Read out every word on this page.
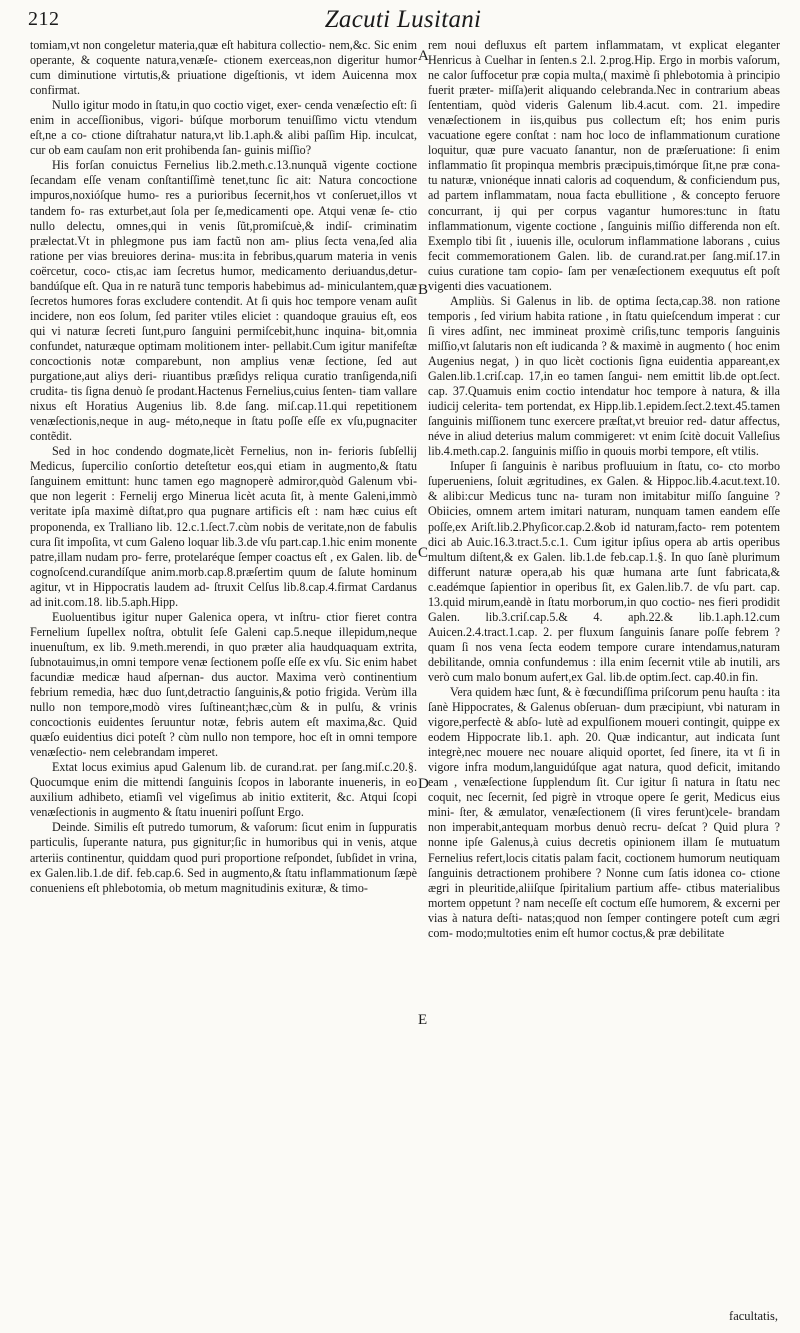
212	Zacuti Lusitani

tomiam,vt non congeletur materia,quæ eſt habitura collectio- nem,&c. Sic enim operante, & coquente natura,venæſe- ctionem exerceas,non digeritur humor cum diminutione virtutis,& priuatione digeſtionis, vt idem Auicenna mox confirmat.

Nullo igitur modo in ſtatu,in quo coctio viget, exer- cenda venæſectio eſt: ſi enim in acceſſionibus, vigori- búſque morborum tenuiſſimo victu vtendum eſt,ne a co- ctione diſtrahatur natura,vt lib.1.aph.& alibi paſſim Hip. inculcat, cur ob eam cauſam non erit prohibenda ſan- guinis miſſio?

His forſan conuictus Fernelius lib.2.meth.c.13.nunquã vigente coctione ſecandam eſſe venam conſtantiſſimè tenet,tunc ſic ait: Natura concoctione impuros,noxióſque humo- res a purioribus ſecernit,hos vt conſeruet,illos vt tandem fo- ras exturbet,aut ſola per ſe,medicamenti ope. Atqui venæ ſe- ctio nullo delectu, omnes,qui in venis ſũt,promiſcuè,& indiſ- criminatim prælectat.Vt in phlegmone pus iam factũ non am- plius ſecta vena,ſed alia ratione per vias breuiores derina- mus:ita in febribus,quarum materia in venis coërcetur, coco- ctis,ac iam ſecretus humor, medicamento deriuandus,detur- bandúſque eſt. Qua in re naturã tunc temporis habebimus ad- miniculantem,quæ ſecretos humores foras excludere contendit. At ſi quis hoc tempore venam auſit incidere, non eos ſolum, ſed pariter vtiles eliciet : quandoque grauius eſt, eos qui vi naturæ ſecreti ſunt,puro ſanguini permiſcebit,hunc inquina- bit,omnia confundet, naturæque optimam molitionem inter- pellabit.Cum igitur manifeſtæ concoctionis notæ comparebunt, non amplius venæ ſectione, ſed aut purgatione,aut aliys deri- riuantibus præſidys reliqua curatio tranſigenda,niſi crudita- tis ſigna denuò ſe prodant.Hactenus Fernelius,cuius ſenten- tiam vallare nixus eſt Horatius Augenius lib. 8.de ſang. miſ.cap.11.qui repetitionem venæſectionis,neque in aug- méto,neque in ſtatu poſſe eſſe ex vſu,pugnaciter contẽdit.

Sed in hoc condendo dogmate,licèt Fernelius, non in- ferioris ſubſellij Medicus, ſupercilio conſortio deteſtetur eos,qui etiam in augmento,& ſtatu ſanguinem emittunt: hunc tamen ego magnoperè admiror,quòd Galenum vbi- que non legerit : Fernelij ergo Minerua licèt acuta ſit, à mente Galeni,immò veritate ipſa maximè diſtat,pro qua pugnare artificis eſt : nam hæc cuius eſt proponenda, ex Tralliano lib. 12.c.1.ſect.7.cùm nobis de veritate,non de fabulis cura ſit impoſita, vt cum Galeno loquar lib.3.de vſu part.cap.1.hic enim monente patre,illam nudam pro- ferre, protelaréque ſemper coactus eſt , ex Galen. lib. de cognoſcend.curandíſque anim.morb.cap.8.præſertim quum de ſalute hominum agitur, vt in Hippocratis laudem ad- ſtruxit Celſus lib.8.cap.4.firmat Cardanus ad init.com.18. lib.5.aph.Hipp.

Euoluentibus igitur nuper Galenica opera, vt inſtru- ctior fieret contra Fernelium ſupellex noſtra, obtulit ſeſe Galeni cap.5.neque illepidum,neque inuenuſtum, ex lib. 9.meth.merendi, in quo præter alia haudquaquam extrita, ſubnotauimus,in omni tempore venæ ſectionem poſſe eſſe ex vſu. Sic enim habet facundiæ medicæ haud aſpernan- dus auctor. Maxima verò continentium febrium remedia, hæc duo ſunt,detractio ſanguinis,& potio frigida. Verùm illa nullo non tempore,modò vires ſuſtineant;hæc,cùm & in pulſu, & vrinis concoctionis euidentes ſeruuntur notæ, febris autem eſt maxima,&c. Quid quæſo euidentius dici poteſt ? cùm nullo non tempore, hoc eſt in omni tempore venæſectio- nem celebrandam imperet.

Extat locus eximius apud Galenum lib. de curand.rat. per ſang.miſ.c.20.§. Quocumque enim die mittendi ſanguinis ſcopos in laborante inueneris, in eo auxilium adhibeto, etiamſi vel vigeſimus ab initio extiterit, &c. Atqui ſcopi venæſectionis in augmento & ſtatu inueniri poſſunt Ergo.

Deinde. Similis eſt putredo tumorum, & vaſorum: ſicut enim in ſuppuratis particulis, ſuperante natura, pus gignitur;ſic in humoribus qui in venis, atque arteriis continentur, quiddam quod puri proportione reſpondet, ſubſidet in vrina, ex Galen.lib.1.de dif. feb.cap.6. Sed in augmento,& ſtatu inflammationum ſæpè conueniens eſt phlebotomia, ob metum magnitudinis exituræ, & timo-

A
B
C
D
E

rem noui defluxus eſt partem inflammatam, vt explicat eleganter Henricus à Cuelhar in ſenten.s 2.l. 2.prog.Hip. Ergo in morbis vaſorum, ne calor ſuffocetur præ copia multa,( maximè ſi phlebotomia à principio fuerit præter- miſſa)erit aliquando celebranda.Nec in contrarium abeas ſententiam, quòd videris Galenum lib.4.acut. com. 21. impedire venæſectionem in iis,quibus pus collectum eſt; hos enim puris vacuatione egere conſtat : nam hoc loco de inflammationum curatione loquitur, quæ pure vacuato ſanantur, non de præſeruatione: ſi enim inflammatio ſit propinqua membris præcipuis,timórque ſit,ne præ cona- tu naturæ, vnionéque innati caloris ad coquendum, & conficiendum pus, ad partem inflammatam, noua facta ebullitione , & concepto feruore concurrant, ij qui per corpus vagantur humores:tunc in ſtatu inflammationum, vigente coctione , ſanguinis miſſio differenda non eſt. Exemplo tibi ſit , iuuenis ille, oculorum inflammatione laborans , cuius fecit commemorationem Galen. lib. de curand.rat.per ſang.miſ.17.in cuius curatione tam copio- ſam per venæſectionem exequutus eſt poſt vigenti dies vacuationem.

Ampliùs. Si Galenus in lib. de optima ſecta,cap.38. non ratione temporis , ſed virium habita ratione , in ſtatu quieſcendum imperat : cur ſi vires adſint, nec immineat proximè criſis,tunc temporis ſanguinis miſſio,vt ſalutaris non eſt iudicanda ? & maximè in augmento ( hoc enim Augenius negat, ) in quo licèt coctionis ſigna euidentia appareant,ex Galen.lib.1.criſ.cap. 17,in eo tamen ſangui- nem emittit lib.de opt.ſect. cap. 37.Quamuis enim coctio intendatur hoc tempore à natura, & illa iudicij celerita- tem portendat, ex Hipp.lib.1.epidem.ſect.2.text.45.tamen ſanguinis miſſionem tunc exercere præſtat,vt breuior red- datur affectus, néve in aliud deterius malum commigeret: vt enim ſcitè docuit Valleſius lib.4.meth.cap.2. ſanguinis miſſio in quouis morbi tempore, eſt vtilis.

Inſuper ſi ſanguinis è naribus profluuium in ſtatu, co- cto morbo ſuperueniens, ſoluit ægritudines, ex Galen. & Hippoc.lib.4.acut.text.10. & alibi:cur Medicus tunc na- turam non imitabitur miſſo ſanguine ? Obiicies, omnem artem imitari naturam, nunquam tamen eandem eſſe poſſe,ex Ariſt.lib.2.Phyſicor.cap.2.&ob id naturam,facto- rem potentem dici ab Auic.16.3.tract.5.c.1. Cum igitur ipſius opera ab artis operibus multum diſtent,& ex Galen. lib.1.de feb.cap.1.§. In quo ſanè plurimum differunt naturæ opera,ab his quæ humana arte ſunt fabricata,& c.eadémque ſapientior in operibus ſit, ex Galen.lib.7. de vſu part. cap. 13.quid mirum,eandè in ſtatu morborum,in quo coctio- nes fieri prodidit Galen. lib.3.criſ.cap.5.& 4. aph.22.& lib.1.aph.12.cum Auicen.2.4.tract.1.cap. 2. per fluxum ſanguinis ſanare poſſe febrem ? quam ſi nos vena ſecta eodem tempore curare intendamus,naturam debilitande, omnia confundemus : illa enim ſecernit vtile ab inutili, ars verò cum malo bonum aufert,ex Gal. lib.de optim.ſect. cap.40.in fin.

Vera quidem hæc ſunt, & è fœcundiſſima priſcorum penu hauſta : ita ſanè Hippocrates, & Galenus obſeruan- dum præcipiunt, vbi naturam in vigore,perfectè & abſo- lutè ad expulſionem moueri contingit, quippe ex eodem Hippocrate lib.1. aph. 20. Quæ indicantur, aut indicata ſunt integrè,nec mouere nec nouare aliquid oportet, ſed ſinere, ita vt ſi in vigore infra modum,languidúſque agat natura, quod deficit, imitando eam , venæſectione ſupplendum ſit. Cur igitur ſi natura in ſtatu nec coquit, nec ſecernit, ſed pigrè in vtroque opere ſe gerit, Medicus eius mini- ſter, & æmulator, venæſectionem (ſi vires ferunt)cele- brandam non imperabit,antequam morbus denuò recru- deſcat ? Quid plura ? nonne ipſe Galenus,à cuius decretis opinionem illam ſe mutuatum Fernelius refert,locis citatis palam facit, coctionem humorum neutiquam ſanguinis detractionem prohibere ? Nonne cum ſatis idonea co- ctione ægri in pleuritide,aliiſque ſpiritalium partium affe- ctibus materialibus mortem oppetunt ? nam neceſſe eſt coctum eſſe humorem, & excerni per vias à natura deſti- natas;quod non ſemper contingere poteſt cum ægri com- modo;multoties enim eſt humor coctus,& præ debilitate

facultatis,
